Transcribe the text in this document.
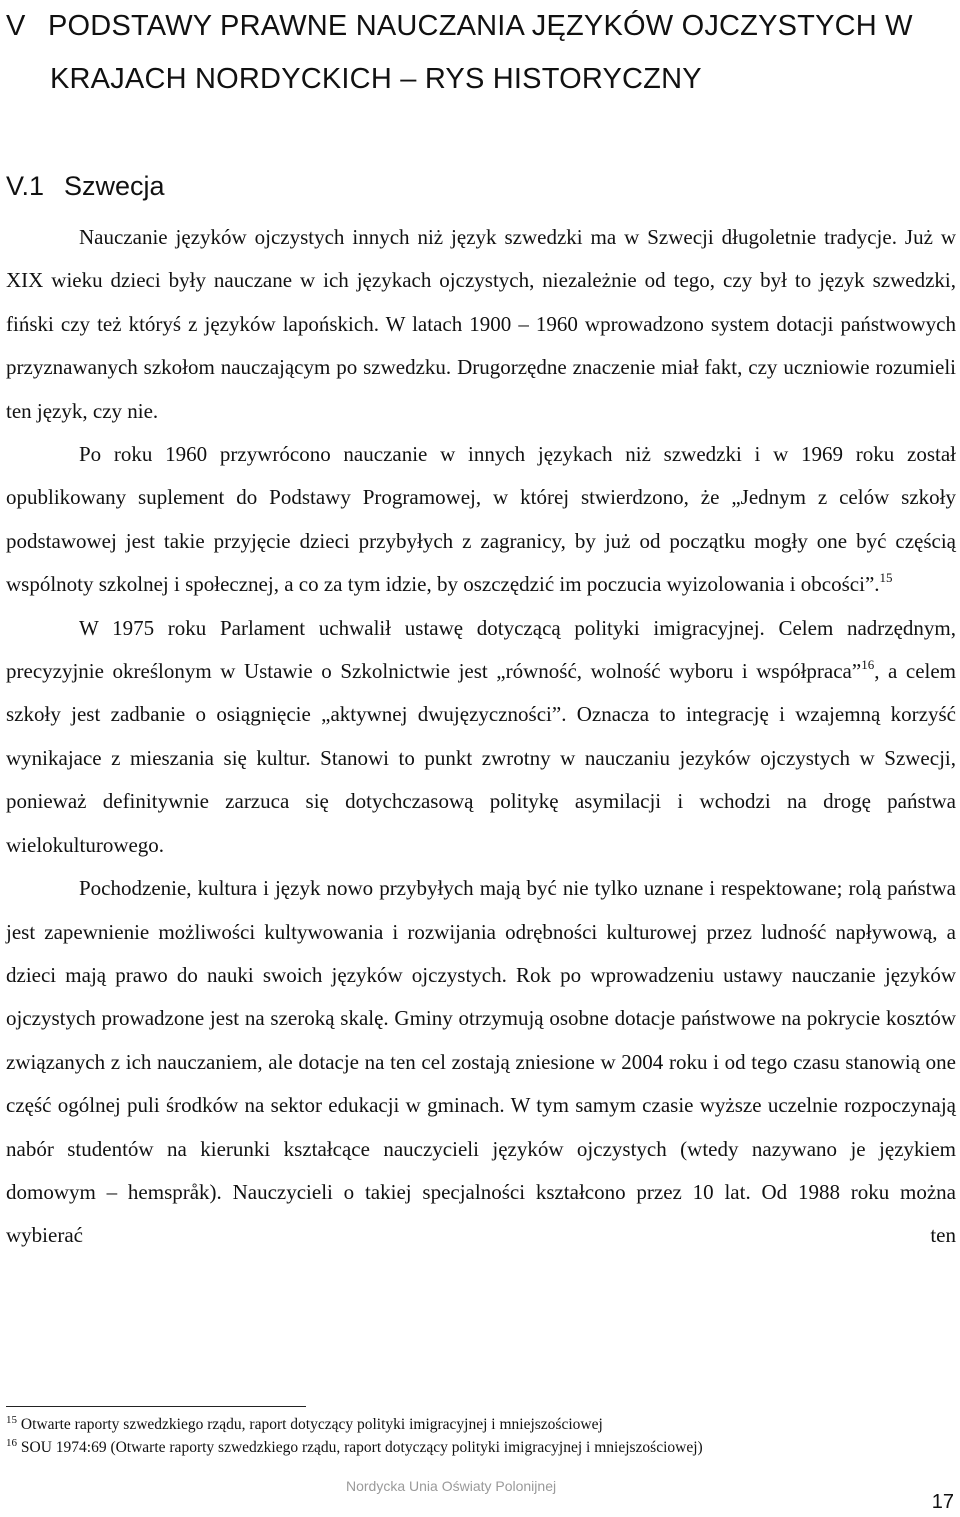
V PODSTAWY PRAWNE NAUCZANIA JĘZYKÓW OJCZYSTYCH W
KRAJACH NORDYCKICH – RYS HISTORYCZNY
V.1 Szwecja

Nauczanie języków ojczystych innych niż język szwedzki ma w Szwecji długoletnie tradycje. Już w XIX wieku dzieci były nauczane w ich językach ojczystych, niezależnie od tego, czy był to język szwedzki, fiński czy też któryś z języków lapońskich. W latach 1900 – 1960 wprowadzono system dotacji państwowych przyznawanych szkołom nauczającym po szwedzku. Drugorzędne znaczenie miał fakt, czy uczniowie rozumieli ten język, czy nie.

Po roku 1960 przywrócono nauczanie w innych językach niż szwedzki i w 1969 roku został opublikowany suplement do Podstawy Programowej, w której stwierdzono, że „Jednym z celów szkoły podstawowej jest takie przyjęcie dzieci przybyłych z zagranicy, by już od początku mogły one być częścią wspólnoty szkolnej i społecznej, a co za tym idzie, by oszczędzić im poczucia wyizolowania i obcości”.$^{15}$

W 1975 roku Parlament uchwalił ustawę dotyczącą polityki imigracyjnej. Celem nadrzędnym, precyzyjnie określonym w Ustawie o Szkolnictwie jest „równość, wolność wyboru i współpraca”$^{16}$, a celem szkoły jest zadbanie o osiągnięcie „aktywnej dwujęzyczności”. Oznacza to integrację i wzajemną korzyść wynikajace z mieszania się kultur. Stanowi to punkt zwrotny w nauczaniu jezyków ojczystych w Szwecji, ponieważ definitywnie zarzuca się dotychczasową politykę asymilacji i wchodzi na drogę państwa wielokulturowego.

Pochodzenie, kultura i język nowo przybyłych mają być nie tylko uznane i respektowane; rolą państwa jest zapewnienie możliwości kultywowania i rozwijania odrębności kulturowej przez ludność napływową, a dzieci mają prawo do nauki swoich języków ojczystych. Rok po wprowadzeniu ustawy nauczanie języków ojczystych prowadzone jest na szeroką skalę. Gminy otrzymują osobne dotacje państwowe na pokrycie kosztów związanych z ich nauczaniem, ale dotacje na ten cel zostają zniesione w 2004 roku i od tego czasu stanowią one część ogólnej puli środków na sektor edukacji w gminach. W tym samym czasie wyższe uczelnie rozpoczynają nabór studentów na kierunki kształcące nauczycieli języków ojczystych (wtedy nazywano je językiem domowym – hemspråk). Nauczycieli o takiej specjalności kształcono przez 10 lat. Od 1988 roku można wybierać ten

$^{15}$ Otwarte raporty szwedzkiego rządu, raport dotyczący polityki imigracyjnej i mniejszościowej
$^{16}$ SOU 1974:69 (Otwarte raporty szwedzkiego rządu, raport dotyczący polityki imigracyjnej i mniejszościowej)
Nordycka Unia Oświaty Polonijnej
17
